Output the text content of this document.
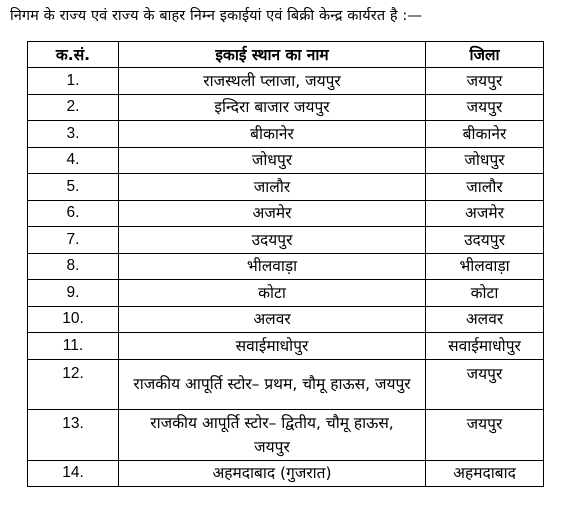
निगम के राज्य एवं राज्य के बाहर निम्न इकाईयां एवं बिक्री केन्द्र कार्यरत है :—
क.सं.	इकाई स्थान का नाम	जिला
1.	राजस्थली प्लाजा, जयपुर	जयपुर
2.	इन्दिरा बाजार जयपुर	जयपुर
3.	बीकानेर	बीकानेर
4.	जोधपुर	जोधपुर
5.	जालौर	जालौर
6.	अजमेर	अजमेर
7.	उदयपुर	उदयपुर
8.	भीलवाड़ा	भीलवाड़ा
9.	कोटा	कोटा
10.	अलवर	अलवर
11.	सवाईमाधोपुर	सवाईमाधोपुर
12.	राजकीय आपूर्ति स्टोर– प्रथम, चौमू हाऊस, जयपुर	जयपुर
13.	राजकीय आपूर्ति स्टोर– द्वितीय, चौमू हाऊस, जयपुर	जयपुर
14.	अहमदाबाद (गुजरात)	अहमदाबाद
